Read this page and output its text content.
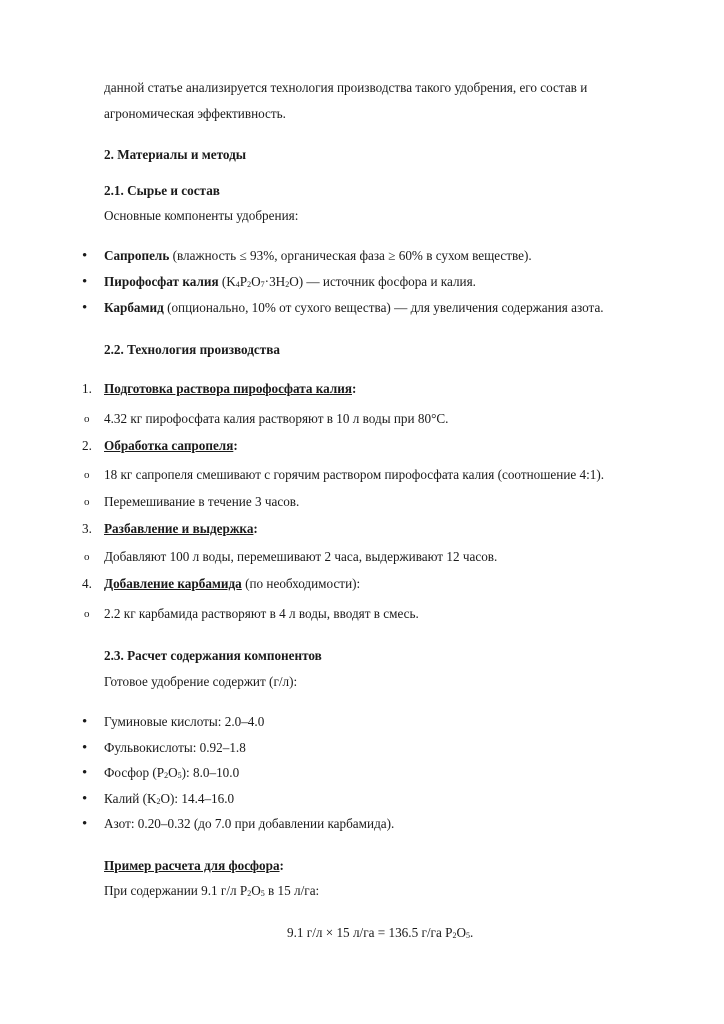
данной статье анализируется технология производства такого удобрения, его состав и
агрономическая эффективность.
2. Материалы и методы
2.1. Сырье и состав
Основные компоненты удобрения:
• Сапропель (влажность ≤ 93%, органическая фаза ≥ 60% в сухом веществе).
• Пирофосфат калия $(K_4P_2O_7\cdot 3H_2O)$ — источник фосфора и калия.
• Карбамид (опционально, 10% от сухого вещества) — для увеличения содержания азота.
2.2. Технология производства
1. Подготовка раствора пирофосфата калия:
o 4.32 кг пирофосфата калия растворяют в 10 л воды при 80°C.
2. Обработка сапропеля:
o 18 кг сапропеля смешивают с горячим раствором пирофосфата калия (соотношение 4:1).
o Перемешивание в течение 3 часов.
3. Разбавление и выдержка:
o Добавляют 100 л воды, перемешивают 2 часа, выдерживают 12 часов.
4. Добавление карбамида (по необходимости):
o 2.2 кг карбамида растворяют в 4 л воды, вводят в смесь.
2.3. Расчет содержания компонентов
Готовое удобрение содержит (г/л):
• Гуминовые кислоты: 2.0–4.0
• Фульвокислоты: 0.92–1.8
• Фосфор $(P_2O_5)$: 8.0–10.0
• Калий $(K_2O)$: 14.4–16.0
• Азот: 0.20–0.32 (до 7.0 при добавлении карбамида).
Пример расчета для фосфора:
При содержании 9.1 г/л $P_2O_5$ в 15 л/га:
9.1 г/л × 15 л/га = 136.5 г/га $P_2O_5$.
